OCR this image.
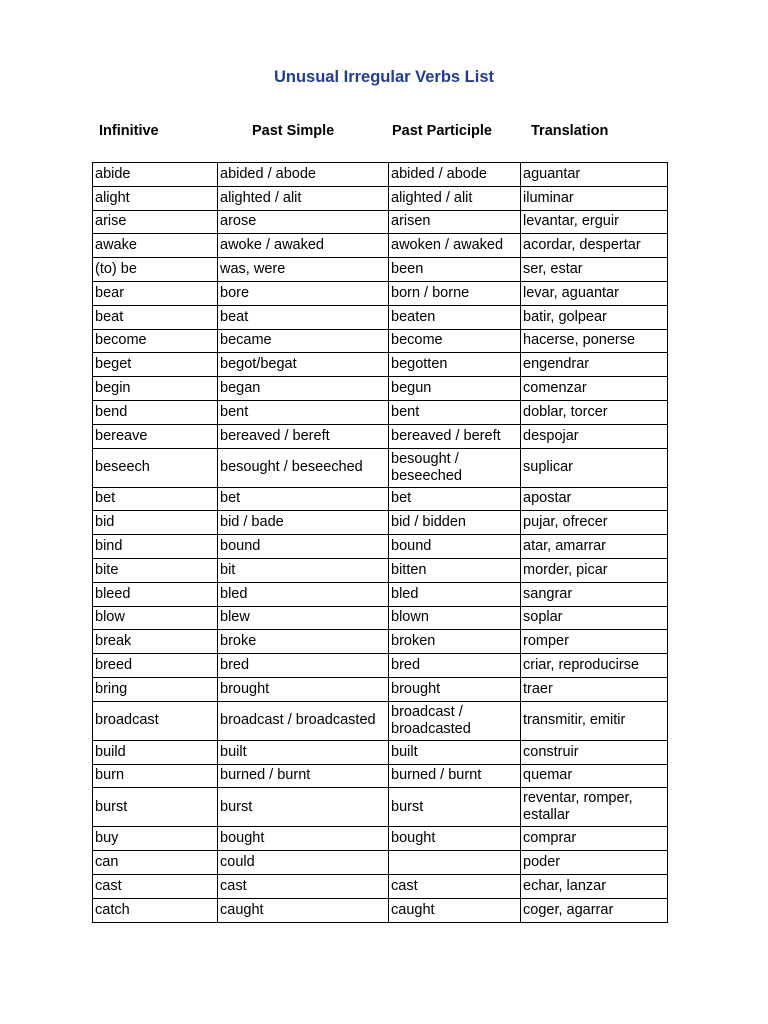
Unusual Irregular Verbs List
Infinitive	Past Simple	Past Participle	Translation
abide	abided / abode	abided / abode	aguantar
alight	alighted / alit	alighted / alit	iluminar
arise	arose	arisen	levantar, erguir
awake	awoke / awaked	awoken / awaked	acordar, despertar
(to) be	was, were	been	ser, estar
bear	bore	born / borne	levar, aguantar
beat	beat	beaten	batir, golpear
become	became	become	hacerse, ponerse
beget	begot/begat	begotten	engendrar
begin	began	begun	comenzar
bend	bent	bent	doblar, torcer
bereave	bereaved / bereft	bereaved / bereft	despojar
beseech	besought / beseeched	besought / beseeched	suplicar
bet	bet	bet	apostar
bid	bid / bade	bid / bidden	pujar, ofrecer
bind	bound	bound	atar, amarrar
bite	bit	bitten	morder, picar
bleed	bled	bled	sangrar
blow	blew	blown	soplar
break	broke	broken	romper
breed	bred	bred	criar, reproducirse
bring	brought	brought	traer
broadcast	broadcast / broadcasted	broadcast / broadcasted	transmitir, emitir
build	built	built	construir
burn	burned / burnt	burned / burnt	quemar
burst	burst	burst	reventar, romper, estallar
buy	bought	bought	comprar
can	could		poder
cast	cast	cast	echar, lanzar
catch	caught	caught	coger, agarrar
